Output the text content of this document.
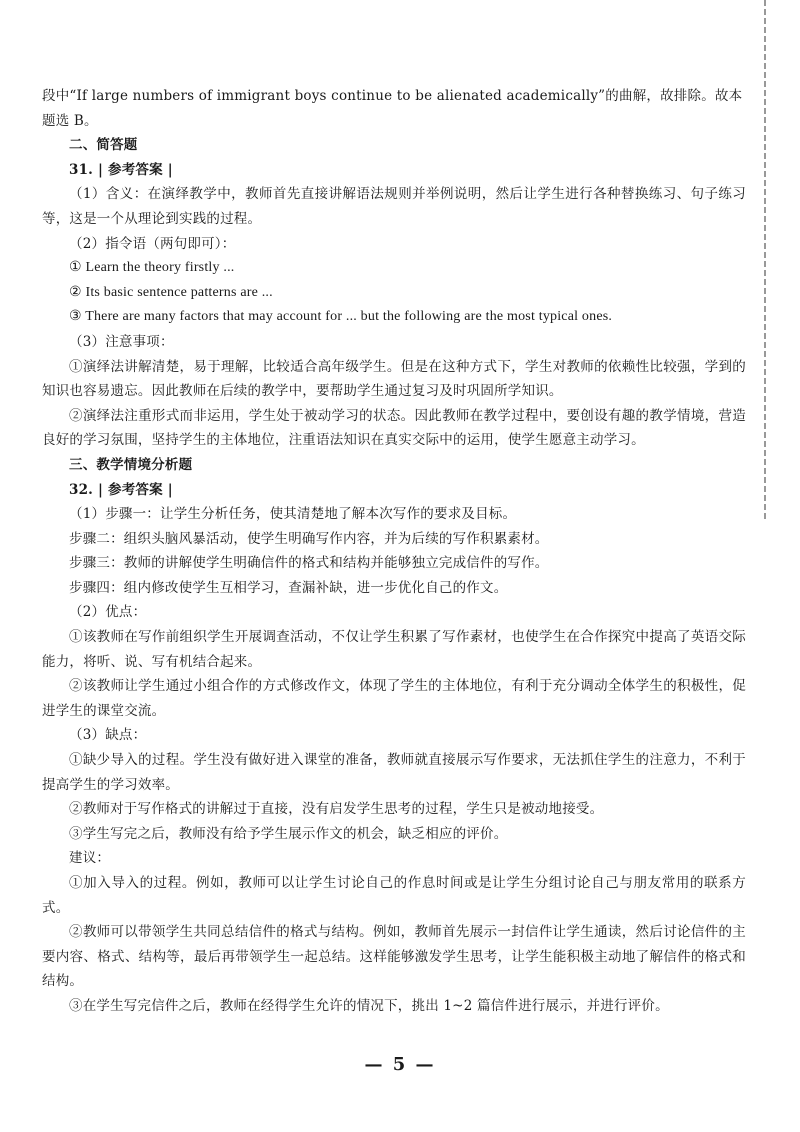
段中“If large numbers of immigrant boys continue to be alienated academically”的曲解，故排除。故本题选 B。

二、简答题

31. | 参考答案 |

（1）含义：在演绎教学中，教师首先直接讲解语法规则并举例说明，然后让学生进行各种替换练习、句子练习等，这是一个从理论到实践的过程。

（2）指令语（两句即可）：

① Learn the theory firstly ...

② Its basic sentence patterns are ...

③ There are many factors that may account for ... but the following are the most typical ones.

（3）注意事项：

①演绎法讲解清楚，易于理解，比较适合高年级学生。但是在这种方式下，学生对教师的依赖性比较强，学到的知识也容易遗忘。因此教师在后续的教学中，要帮助学生通过复习及时巩固所学知识。

②演绎法注重形式而非运用，学生处于被动学习的状态。因此教师在教学过程中，要创设有趣的教学情境，营造良好的学习氛围，坚持学生的主体地位，注重语法知识在真实交际中的运用，使学生愿意主动学习。

三、教学情境分析题

32. | 参考答案 |

（1）步骤一：让学生分析任务，使其清楚地了解本次写作的要求及目标。

步骤二：组织头脑风暴活动，使学生明确写作内容，并为后续的写作积累素材。

步骤三：教师的讲解使学生明确信件的格式和结构并能够独立完成信件的写作。

步骤四：组内修改使学生互相学习，查漏补缺，进一步优化自己的作文。

（2）优点：

①该教师在写作前组织学生开展调查活动，不仅让学生积累了写作素材，也使学生在合作探究中提高了英语交际能力，将听、说、写有机结合起来。

②该教师让学生通过小组合作的方式修改作文，体现了学生的主体地位，有利于充分调动全体学生的积极性，促进学生的课堂交流。

（3）缺点：

①缺少导入的过程。学生没有做好进入课堂的准备，教师就直接展示写作要求，无法抓住学生的注意力，不利于提高学生的学习效率。

②教师对于写作格式的讲解过于直接，没有启发学生思考的过程，学生只是被动地接受。

③学生写完之后，教师没有给予学生展示作文的机会，缺乏相应的评价。

建议：

①加入导入的过程。例如，教师可以让学生讨论自己的作息时间或是让学生分组讨论自己与朋友常用的联系方式。

②教师可以带领学生共同总结信件的格式与结构。例如，教师首先展示一封信件让学生通读，然后讨论信件的主要内容、格式、结构等，最后再带领学生一起总结。这样能够激发学生思考，让学生能积极主动地了解信件的格式和结构。

③在学生写完信件之后，教师在经得学生允许的情况下，挑出 1~2 篇信件进行展示，并进行评价。

— 5 —
